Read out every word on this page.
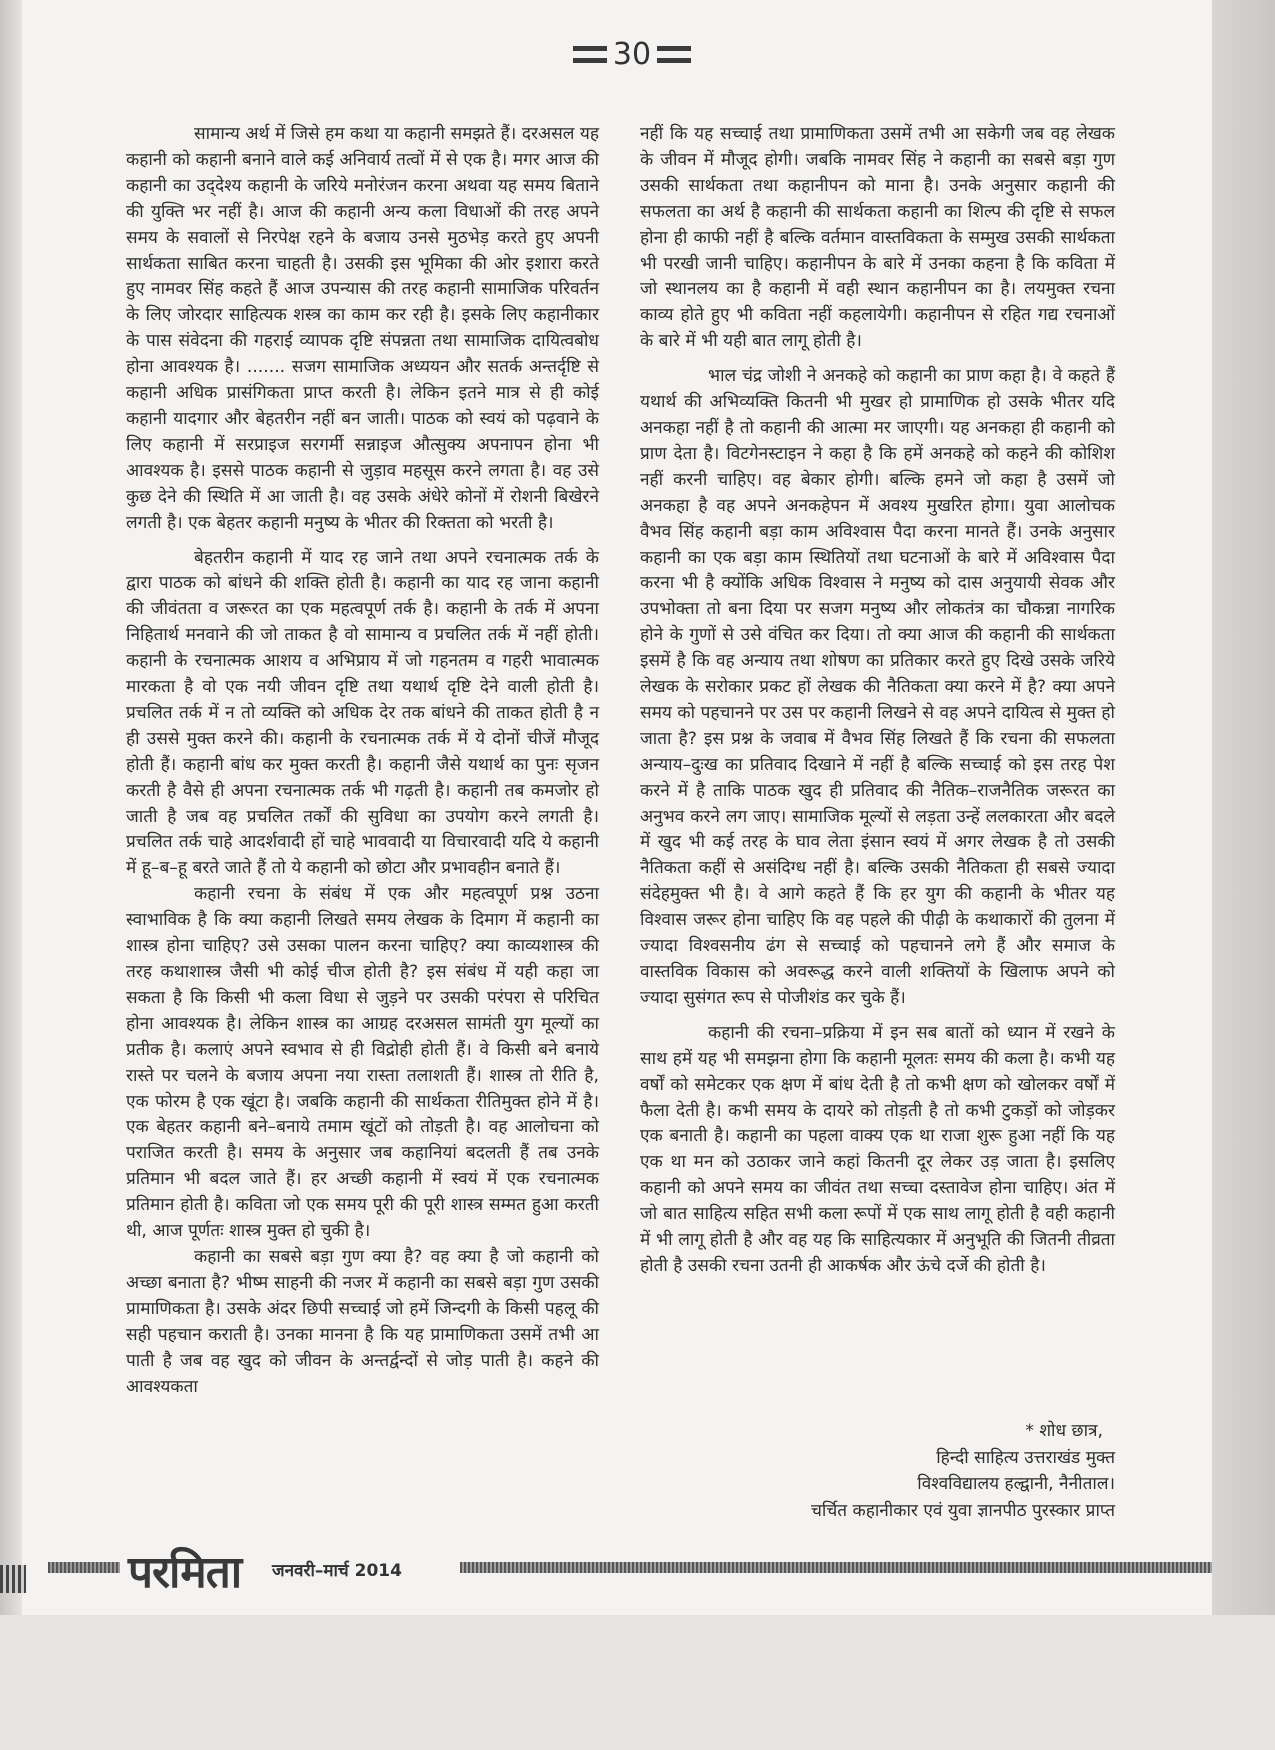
30

सामान्य अर्थ में जिसे हम कथा या कहानी समझते हैं। दरअसल यह कहानी को कहानी बनाने वाले कई अनिवार्य तत्वों में से एक है। मगर आज की कहानी का उद्‌देश्य कहानी के जरिये मनोरंजन करना अथवा यह समय बिताने की युक्ति भर नहीं है। आज की कहानी अन्य कला विधाओं की तरह अपने समय के सवालों से निरपेक्ष रहने के बजाय उनसे मुठभेड़ करते हुए अपनी सार्थकता साबित करना चाहती है। उसकी इस भूमिका की ओर इशारा करते हुए नामवर सिंह कहते हैं आज उपन्यास की तरह कहानी सामाजिक परिवर्तन के लिए जोरदार साहित्यक शस्त्र का काम कर रही है। इसके लिए कहानीकार के पास संवेदना की गहराई व्यापक दृष्टि संपन्नता तथा सामाजिक दायित्वबोध होना आवश्यक है। ....... सजग सामाजिक अध्ययन और सतर्क अन्तर्दृष्टि से कहानी अधिक प्रासंगिकता प्राप्त करती है। लेकिन इतने मात्र से ही कोई कहानी यादगार और बेहतरीन नहीं बन जाती। पाठक को स्वयं को पढ़वाने के लिए कहानी में सरप्राइज सरगर्मी सन्नाइ‌ज औत्सुक्य अपनापन होना भी आवश्यक है। इससे पाठक कहानी से जुड़ाव महसूस करने लगता है। वह उसे कुछ देने की स्थिति में आ जाती है। वह उसके अंधेरे कोनों में रोशनी बिखेरने लगती है। एक बेहतर कहानी मनुष्य के भीतर की रिक्तता को भरती है।

बेहतरीन कहानी में याद रह जाने तथा अपने रचनात्मक तर्क के द्वारा पाठक को बांधने की शक्ति होती है। कहानी का याद रह जाना कहानी की जीवंतता व जरूरत का एक महत्वपूर्ण तर्क है। कहानी के तर्क में अपना निहितार्थ मनवाने की जो ताकत है वो सामान्य व प्रचलित तर्क में नहीं होती। कहानी के रचनात्मक आशय व अभिप्राय में जो गहनतम व गहरी भावात्मक मारकता है वो एक नयी जीवन दृष्टि तथा यथार्थ दृष्टि देने वाली होती है। प्रचलित तर्क में न तो व्यक्ति को अधिक देर तक बांधने की ताकत होती है न ही उससे मुक्त करने की। कहानी के रचनात्मक तर्क में ये दोनों चीजें मौजूद होती हैं। कहानी बांध कर मुक्त करती है। कहानी जैसे यथार्थ का पुनः सृजन करती है वैसे ही अपना रचनात्मक तर्क भी गढ़ती है। कहानी तब कमजोर हो जाती है जब वह प्रचलित तर्कों की सुविधा का उपयोग करने लगती है। प्रचलित तर्क चाहे आदर्शवादी हों चाहे भाववादी या विचारवादी यदि ये कहानी में हू–ब–हू बरते जाते हैं तो ये कहानी को छोटा और प्रभावहीन बनाते हैं।

कहानी रचना के संबंध में एक और महत्वपूर्ण प्रश्न उठना स्वाभाविक है कि क्या कहानी लिखते समय लेखक के दिमाग में कहानी का शास्त्र होना चाहिए? उसे उसका पालन करना चाहिए? क्या काव्यशास्त्र की तरह कथाशास्त्र जैसी भी कोई चीज होती है? इस संबंध में यही कहा जा सकता है कि किसी भी कला विधा से जुड़ने पर उसकी परंपरा से परिचित होना आवश्यक है। लेकिन शास्त्र का आग्रह दरअसल सामंती युग मूल्यों का प्रतीक है। कलाएं अपने स्वभाव से ही विद्रोही होती हैं। वे किसी बने बनाये रास्ते पर चलने के बजाय अपना नया रास्ता तलाशती हैं। शास्त्र तो रीति है, एक फोरम है एक खूंटा है। जबकि कहानी की सार्थकता रीतिमुक्त होने में है। एक बेहतर कहानी बने–बनाये तमाम खूंटों को तोड़ती है। वह आलोचना को पराजित करती है। समय के अनुसार जब कहानियां बदलती हैं तब उनके प्रतिमान भी बदल जाते हैं। हर अच्छी कहानी में स्वयं में एक रचनात्मक प्रतिमान होती है। कविता जो एक समय पूरी की पूरी शास्त्र सम्मत हुआ करती थी, आज पूर्णतः शास्त्र मुक्त हो चुकी है।

कहानी का सबसे बड़ा गुण क्या है? वह क्या है जो कहानी को अच्छा बनाता है? भीष्म साहनी की नजर में कहानी का सबसे बड़ा गुण उसकी प्रामाणिकता है। उसके अंदर छिपी सच्चाई जो हमें जिन्दगी के किसी पहलू की सही पहचान कराती है। उनका मानना है कि यह प्रामाणिकता उसमें तभी आ पाती है जब वह खुद को जीवन के अन्तर्द्वन्दों से जोड़ पाती है। कहने की आवश्यकता

नहीं कि यह सच्चाई तथा प्रामाणिकता उसमें तभी आ सकेगी जब वह लेखक के जीवन में मौजूद होगी। जबकि नामवर सिंह ने कहानी का सबसे बड़ा गुण उसकी सार्थकता तथा कहानीपन को माना है। उनके अनुसार कहानी की सफलता का अर्थ है कहानी की सार्थकता कहानी का शिल्प की दृष्टि से सफल होना ही काफी नहीं है बल्कि वर्तमान वास्तविकता के सम्मुख उसकी सार्थकता भी परखी जानी चाहिए। कहानीपन के बारे में उनका कहना है कि कविता में जो स्थानलय का है कहानी में वही स्थान कहानीपन का है। लयमुक्त रचना काव्य होते हुए भी कविता नहीं कहलायेगी। कहानीपन से रहित गद्य रचनाओं के बारे में भी यही बात लागू होती है।

भाल चंद्र जोशी ने अनकहे को कहानी का प्राण कहा है। वे कहते हैं यथार्थ की अभिव्यक्ति कितनी भी मुखर हो प्रामाणिक हो उसके भीतर यदि अनकहा नहीं है तो कहानी की आत्मा मर जाएगी। यह अनकहा ही कहानी को प्राण देता है। विटगेनस्टाइन ने कहा है कि हमें अनकहे को कहने की कोशिश नहीं करनी चाहिए। वह बेकार होगी। बल्कि हमने जो कहा है उसमें जो अनकहा है वह अपने अनकहेपन में अवश्य मुखरित होगा। युवा आलोचक वैभव सिंह कहानी बड़ा काम अविश्वास पैदा करना मानते हैं। उनके अनुसार कहानी का एक बड़ा काम स्थितियों तथा घटनाओं के बारे में अविश्वास पैदा करना भी है क्योंकि अधिक विश्वास ने मनुष्य को दास अनुयायी सेवक और उपभोक्ता तो बना दिया पर सजग मनुष्य और लोकतंत्र का चौकन्ना नागरिक होने के गुणों से उसे वंचित कर दिया। तो क्या आज की कहानी की सार्थकता इसमें है कि वह अन्याय तथा शोषण का प्रतिकार करते हुए दिखे उसके जरिये लेखक के सरोकार प्रकट हों लेखक की नैतिकता क्या करने में है? क्या अपने समय को पहचानने पर उस पर कहानी लिखने से वह अपने दायित्व से मुक्त हो जाता है? इस प्रश्न के जवाब में वैभव सिंह लिखते हैं कि रचना की सफलता अन्याय–दुःख का प्रतिवाद दिखाने में नहीं है बल्कि सच्चाई को इस तरह पेश करने में है ताकि पाठक खुद ही प्रतिवाद की नैतिक–राजनैतिक जरूरत का अनुभव करने लग जाए। सामाजिक मूल्यों से लड़ता उन्हें ललकारता और बदले में खुद भी कई तरह के घाव लेता इंसान स्वयं में अगर लेखक है तो उसकी नैतिकता कहीं से असंदिग्ध नहीं है। बल्कि उसकी नैतिकता ही सबसे ज्यादा संदेहमुक्त भी है। वे आगे कहते हैं कि हर युग की कहानी के भीतर यह विश्वास जरूर होना चाहिए कि वह पहले की पीढ़ी के कथाकारों की तुलना में ज्यादा विश्वसनीय ढंग से सच्चाई को पहचानने लगे हैं और समाज के वास्तविक विकास को अवरूद्ध करने वाली शक्तियों के खिलाफ अपने को ज्यादा सुसंगत रूप से पोजीशंड कर चुके हैं।

कहानी की रचना–प्रक्रिया में इन सब बातों को ध्यान में रखने के साथ हमें यह भी समझना होगा कि कहानी मूलतः समय की कला है। कभी यह वर्षों को समेटकर एक क्षण में बांध देती है तो कभी क्षण को खोलकर वर्षों में फैला देती है। कभी समय के दायरे को तोड़ती है तो कभी टुकड़ों को जोड़कर एक बनाती है। कहानी का पहला वाक्य एक था राजा शुरू हुआ नहीं कि यह एक था मन को उठाकर जाने कहां कितनी दूर लेकर उड़ जाता है। इसलिए कहानी को अपने समय का जीवंत तथा सच्चा दस्तावेज होना चाहिए। अंत में जो बात साहित्य सहित सभी कला रूपों में एक साथ लागू होती है वही कहानी में भी लागू होती है और वह यह कि साहित्यकार में अनुभूति की जितनी तीव्रता होती है उसकी रचना उतनी ही आकर्षक और ऊंचे दर्जे की होती है।

* शोध छात्र,
हिन्दी साहित्य उत्तराखंड मुक्त
विश्वविद्यालय हल्द्वानी, नैनीताल।
चर्चित कहानीकार एवं युवा ज्ञानपीठ पुरस्कार प्राप्त
परमिता जनवरी–मार्च 2014
